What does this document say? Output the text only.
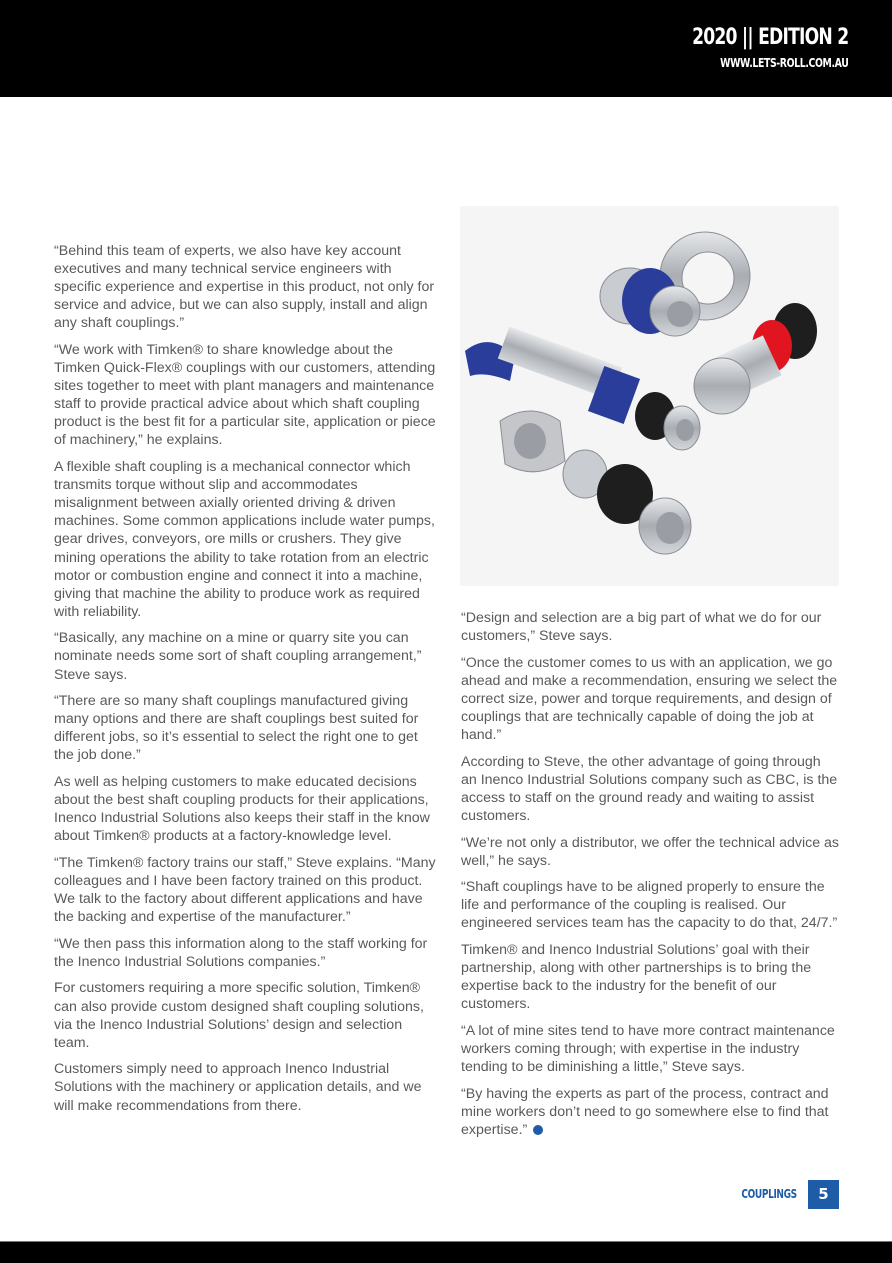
2020 || EDITION 2
WWW.LETS-ROLL.COM.AU

“Behind this team of experts, we also have key account executives and many technical service engineers with specific experience and expertise in this product, not only for service and advice, but we can also supply, install and align any shaft couplings.”

“We work with Timken® to share knowledge about the Timken Quick-Flex® couplings with our customers, attending sites together to meet with plant managers and maintenance staff to provide practical advice about which shaft coupling product is the best fit for a particular site, application or piece of machinery,” he explains.

A flexible shaft coupling is a mechanical connector which transmits torque without slip and accommodates misalignment between axially oriented driving & driven machines. Some common applications include water pumps, gear drives, conveyors, ore mills or crushers. They give mining operations the ability to take rotation from an electric motor or combustion engine and connect it into a machine, giving that machine the ability to produce work as required with reliability.

“Basically, any machine on a mine or quarry site you can nominate needs some sort of shaft coupling arrangement,” Steve says.

“There are so many shaft couplings manufactured giving many options and there are shaft couplings best suited for different jobs, so it’s essential to select the right one to get the job done.”

As well as helping customers to make educated decisions about the best shaft coupling products for their applications, Inenco Industrial Solutions also keeps their staff in the know about Timken® products at a factory-knowledge level.

“The Timken® factory trains our staff,” Steve explains. “Many colleagues and I have been factory trained on this product. We talk to the factory about different applications and have the backing and expertise of the manufacturer.”

“We then pass this information along to the staff working for the Inenco Industrial Solutions companies.”

For customers requiring a more specific solution, Timken® can also provide custom designed shaft coupling solutions, via the Inenco Industrial Solutions’ design and selection team.

Customers simply need to approach Inenco Industrial Solutions with the machinery or application details, and we will make recommendations from there.

“Design and selection are a big part of what we do for our customers,” Steve says.

“Once the customer comes to us with an application, we go ahead and make a recommendation, ensuring we select the correct size, power and torque requirements, and design of couplings that are technically capable of doing the job at hand.”

According to Steve, the other advantage of going through an Inenco Industrial Solutions company such as CBC, is the access to staff on the ground ready and waiting to assist customers.

“We’re not only a distributor, we offer the technical advice as well,” he says.

“Shaft couplings have to be aligned properly to ensure the life and performance of the coupling is realised. Our engineered services team has the capacity to do that, 24/7.”

Timken® and Inenco Industrial Solutions’ goal with their partnership, along with other partnerships is to bring the expertise back to the industry for the benefit of our customers.

“A lot of mine sites tend to have more contract maintenance workers coming through; with expertise in the industry tending to be diminishing a little,” Steve says.

“By having the experts as part of the process, contract and mine workers don’t need to go somewhere else to find that expertise.”

COUPLINGS	5
